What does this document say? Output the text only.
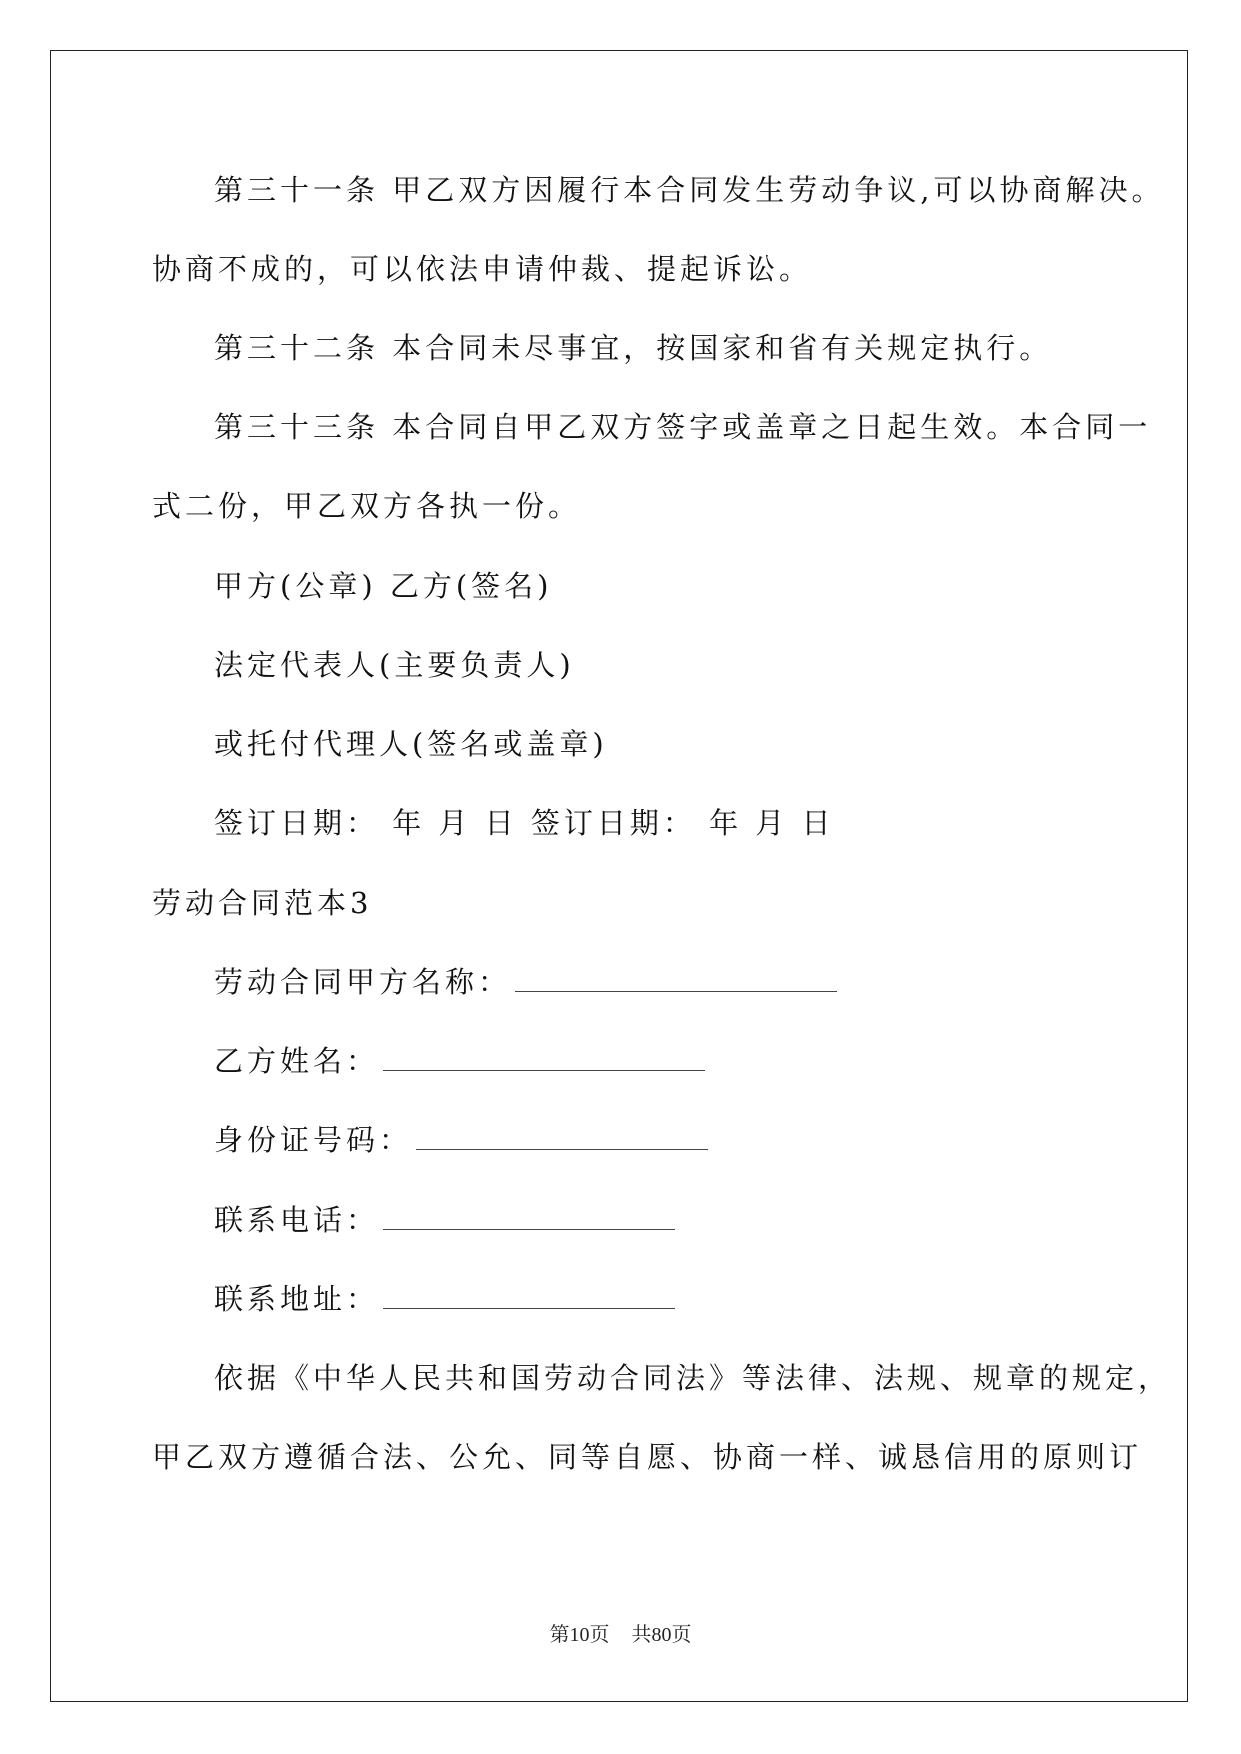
第三十一条 甲乙双方因履行本合同发生劳动争议,可以协商解决。
协商不成的，可以依法申请仲裁、提起诉讼。
第三十二条 本合同未尽事宜，按国家和省有关规定执行。
第三十三条 本合同自甲乙双方签字或盖章之日起生效。本合同一
式二份，甲乙双方各执一份。
甲方(公章) 乙方(签名)
法定代表人(主要负责人)
或托付代理人(签名或盖章)
签订日期： 年 月 日 签订日期： 年 月 日
劳动合同范本3
劳动合同甲方名称：
乙方姓名：
身份证号码：
联系电话：
联系地址：
依据《中华人民共和国劳动合同法》等法律、法规、规章的规定，
甲乙双方遵循合法、公允、同等自愿、协商一样、诚恳信用的原则订
第10页 共80页
